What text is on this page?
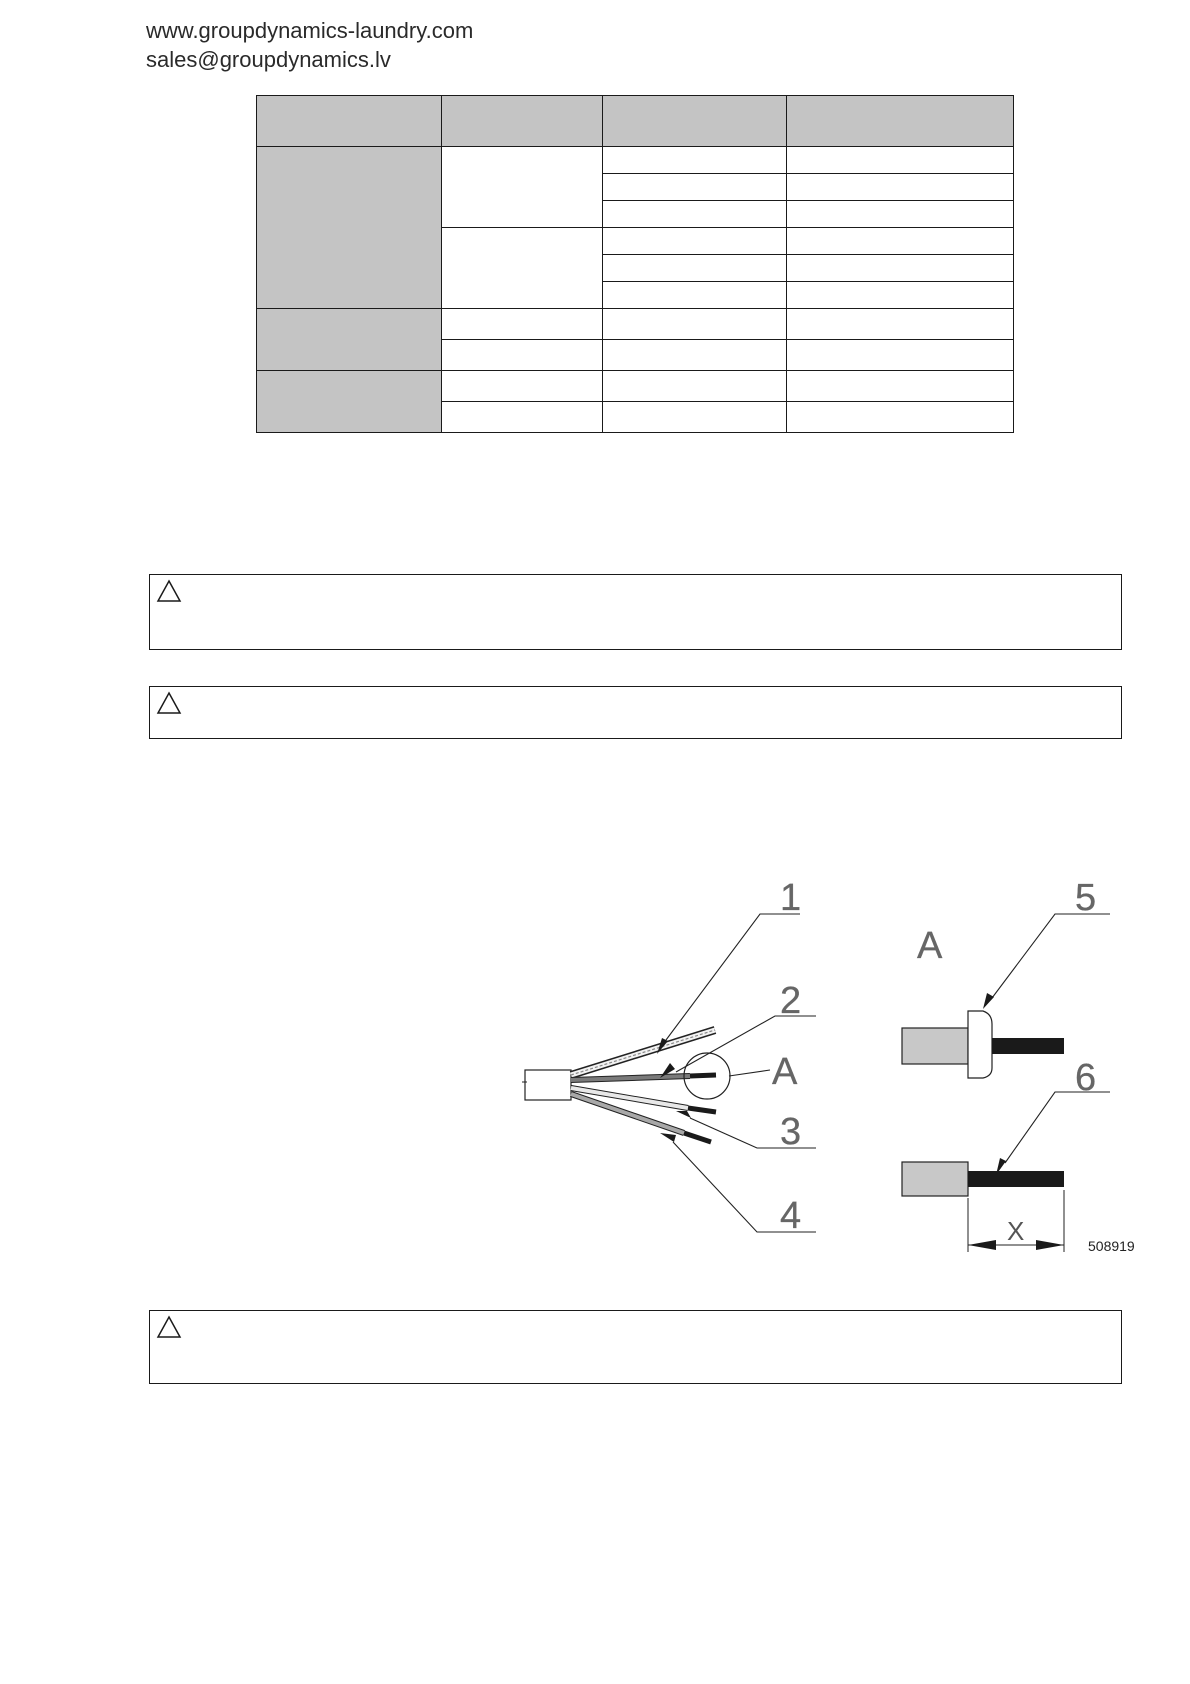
www.groupdynamics-laundry.com
sales@groupdynamics.lv

1
2
3
4
5
6
A
A
X	508919
